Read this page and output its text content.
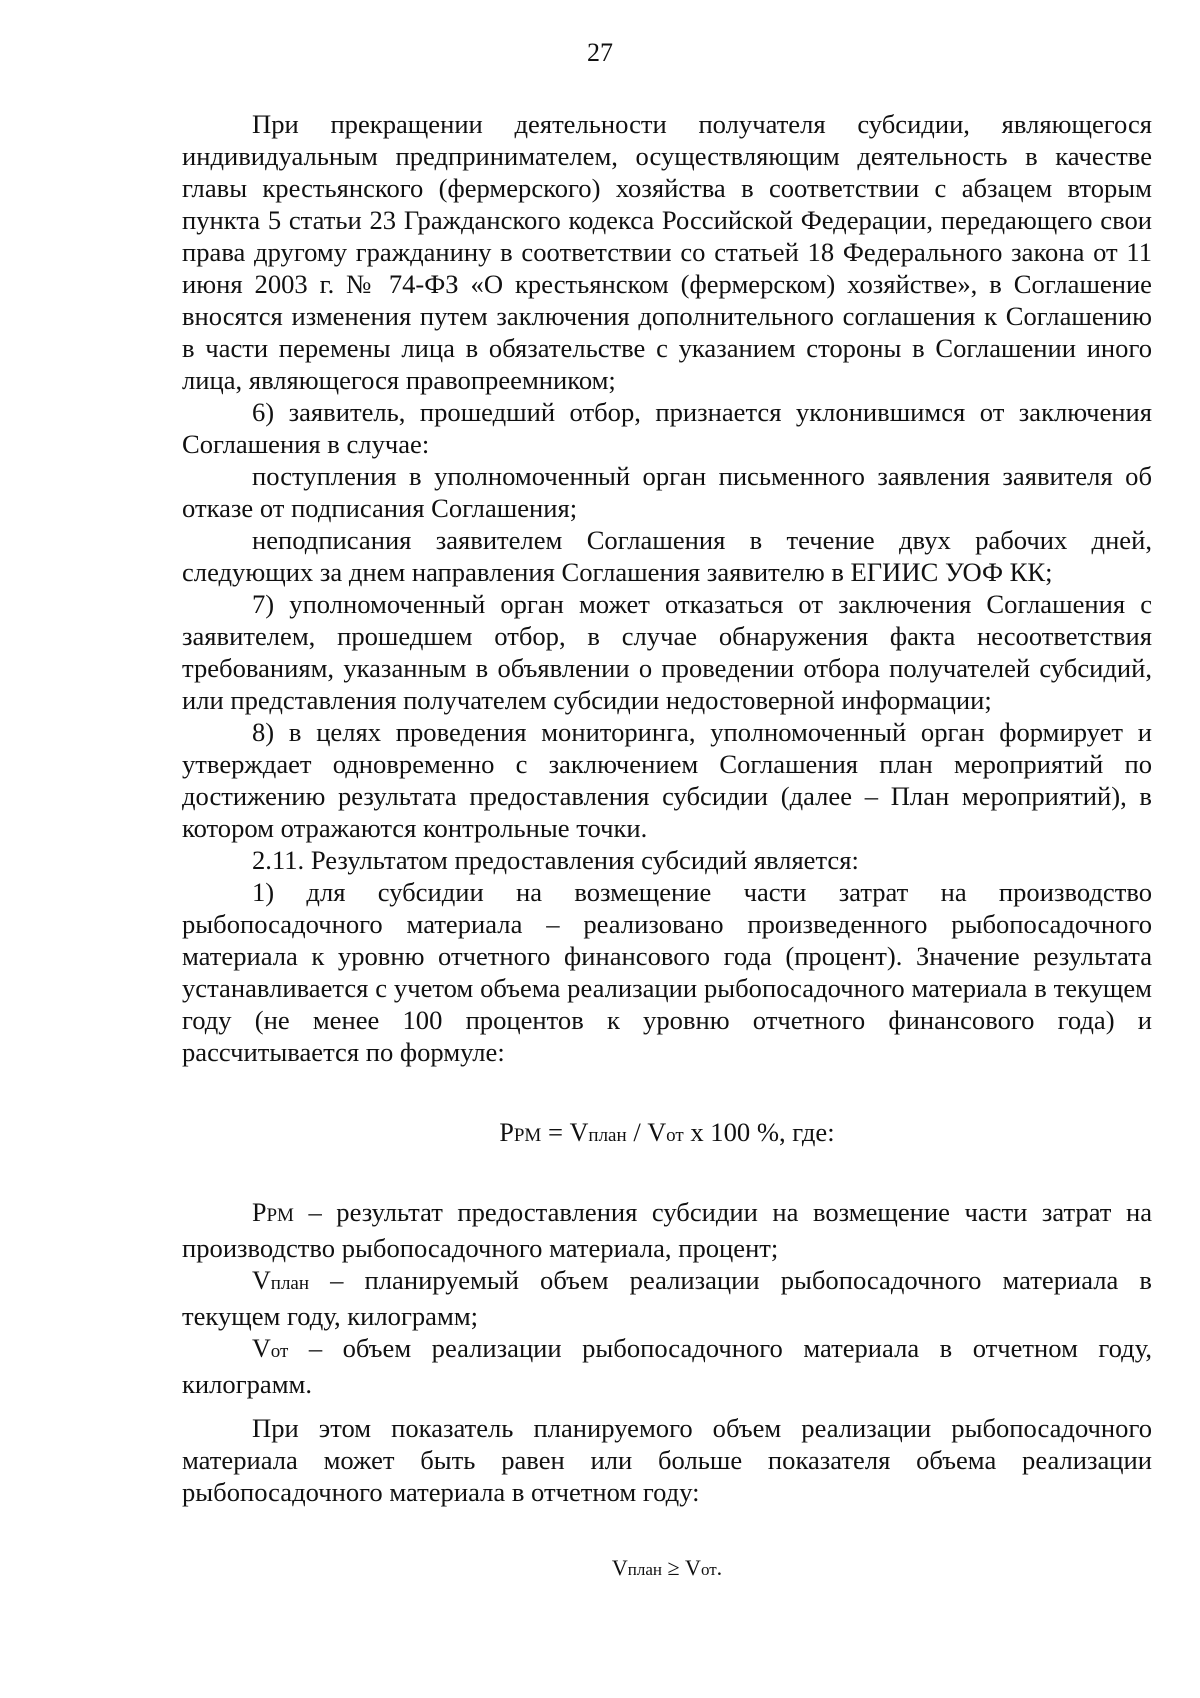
27

При прекращении деятельности получателя субсидии, являющегося индивидуальным предпринимателем, осуществляющим деятельность в качестве главы крестьянского (фермерского) хозяйства в соответствии с абзацем вторым пункта 5 статьи 23 Гражданского кодекса Российской Федерации, передающего свои права другому гражданину в соответствии со статьей 18 Федерального закона от 11 июня 2003 г. № 74-ФЗ «О крестьянском (фермерском) хозяйстве», в Соглашение вносятся изменения путем заключения дополнительного соглашения к Соглашению в части перемены лица в обязательстве с указанием стороны в Соглашении иного лица, являющегося правопреемником;

6) заявитель, прошедший отбор, признается уклонившимся от заключения Соглашения в случае:

поступления в уполномоченный орган письменного заявления заявителя об отказе от подписания Соглашения;

неподписания заявителем Соглашения в течение двух рабочих дней, следующих за днем направления Соглашения заявителю в ЕГИИС УОФ КК;

7) уполномоченный орган может отказаться от заключения Соглашения с заявителем, прошедшем отбор, в случае обнаружения факта несоответствия требованиям, указанным в объявлении о проведении отбора получателей субсидий, или представления получателем субсидии недостоверной информации;

8) в целях проведения мониторинга, уполномоченный орган формирует и утверждает одновременно с заключением Соглашения план мероприятий по достижению результата предоставления субсидии (далее – План мероприятий), в котором отражаются контрольные точки.

2.11. Результатом предоставления субсидий является:

1) для субсидии на возмещение части затрат на производство рыбопосадочного материала – реализовано произведенного рыбопосадочного материала к уровню отчетного финансового года (процент). Значение результата устанавливается с учетом объема реализации рыбопосадочного материала в текущем году (не менее 100 процентов к уровню отчетного финансового года) и рассчитывается по формуле:

РРМ = Vплан / Vот х 100 %, где:

РРМ – результат предоставления субсидии на возмещение части затрат на производство рыбопосадочного материала, процент;

Vплан – планируемый объем реализации рыбопосадочного материала в текущем году, килограмм;

Vот – объем реализации рыбопосадочного материала в отчетном году, килограмм.

При этом показатель планируемого объем реализации рыбопосадочного материала может быть равен или больше показателя объема реализации рыбопосадочного материала в отчетном году:

Vплан ≥ Vот.
